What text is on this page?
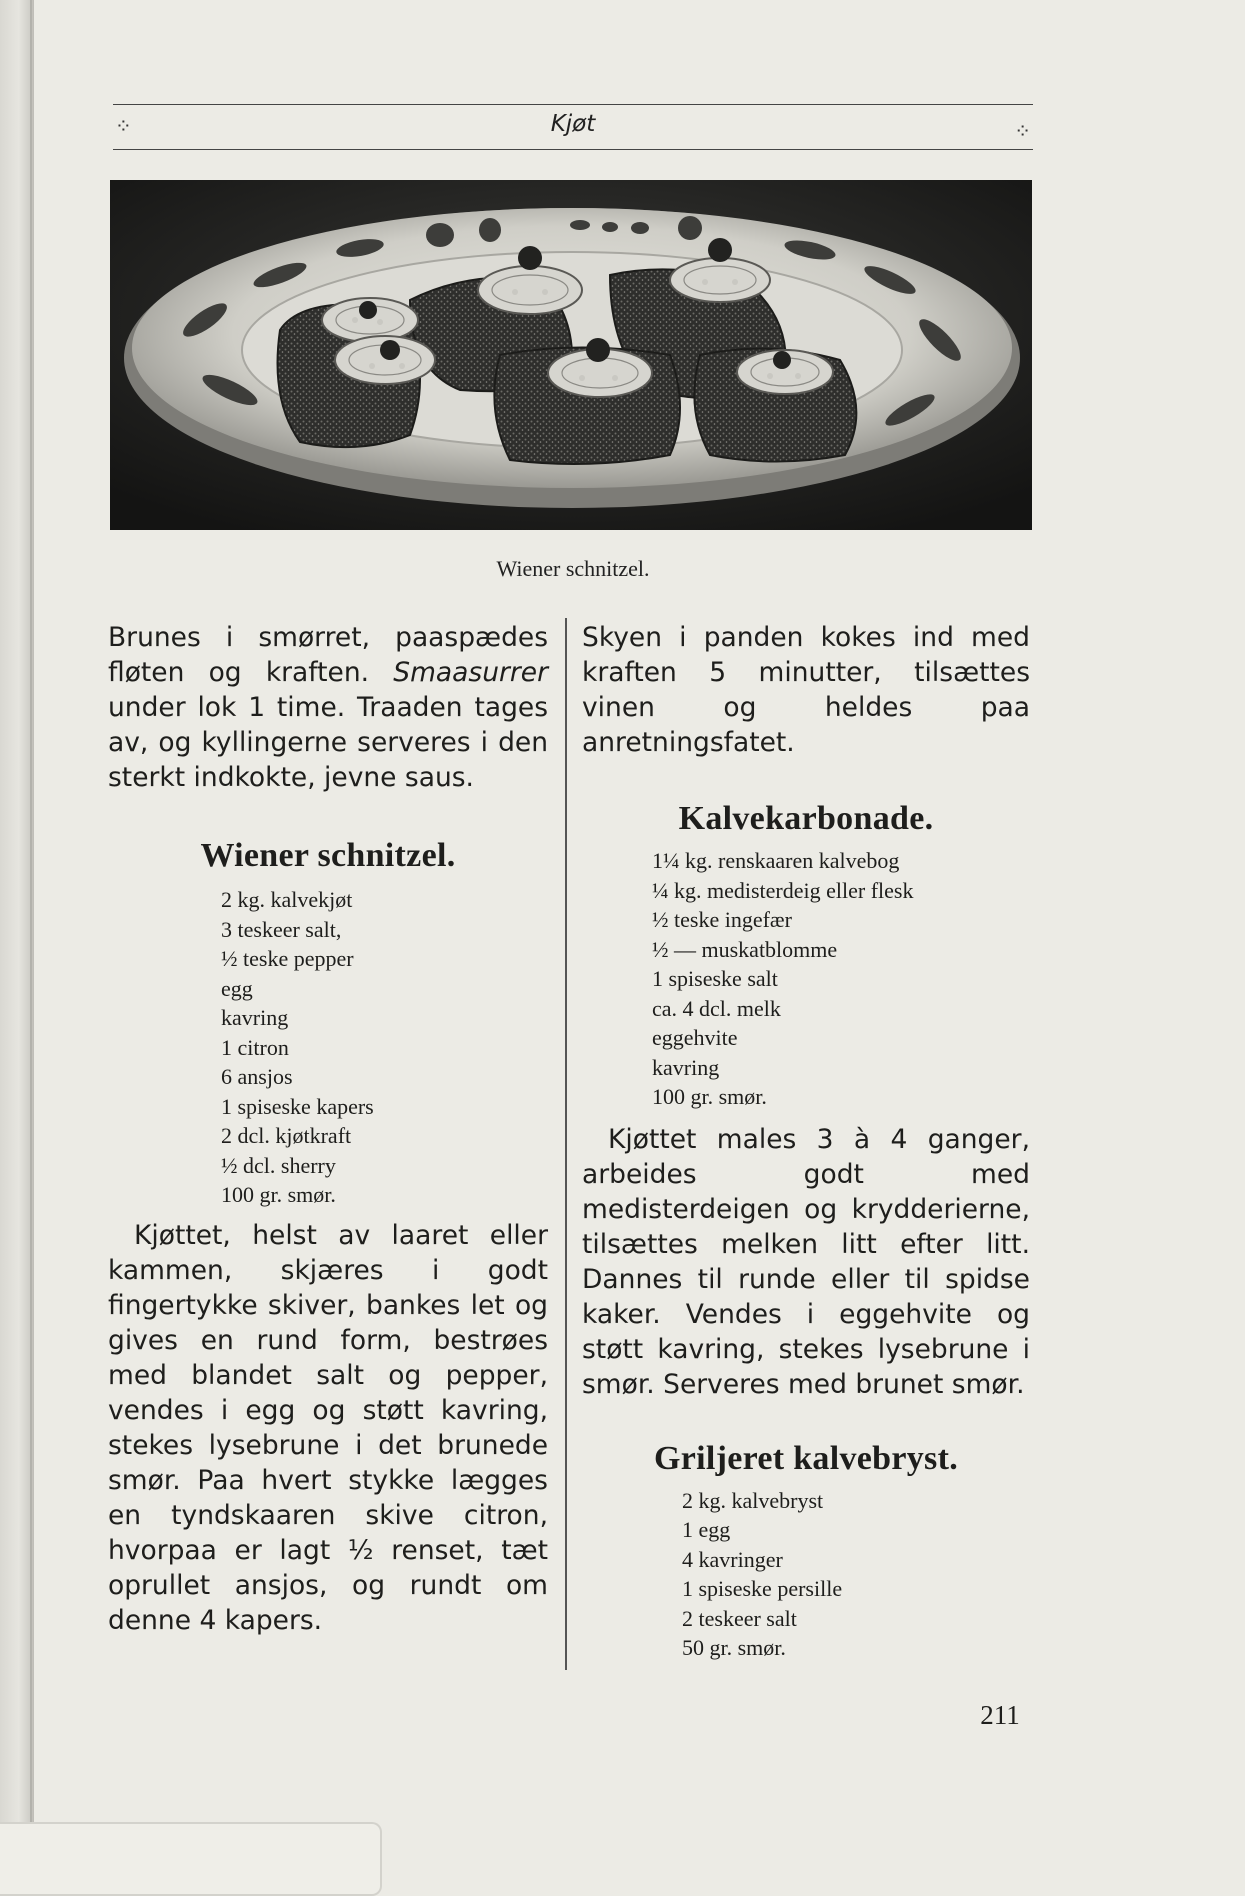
⁘	Kjøt	⁘
Wiener schnitzel.

Brunes i smørret, paaspædes fløten og kraften. Smaasurrer under lok 1 time. Traaden tages av, og kyllingerne serveres i den sterkt indkokte, jevne saus.

Wiener schnitzel.
2 kg. kalvekjøt
3 teskeer salt,
½ teske pepper
egg
kavring
1 citron
6 ansjos
1 spiseske kapers
2 dcl. kjøtkraft
½ dcl. sherry
100 gr. smør.

Kjøttet, helst av laaret eller kammen, skjæres i godt fingertykke skiver, bankes let og gives en rund form, bestrøes med blandet salt og pepper, vendes i egg og støtt kavring, stekes lysebrune i det brunede smør. Paa hvert stykke lægges en tyndskaaren skive citron, hvorpaa er lagt ½ renset, tæt oprullet ansjos, og rundt om denne 4 kapers.

Skyen i panden kokes ind med kraften 5 minutter, tilsættes vinen og heldes paa anretningsfatet.

Kalvekarbonade.
1¼ kg. renskaaren kalvebog
¼ kg. medisterdeig eller flesk
½ teske ingefær
½ — muskatblomme
1 spiseske salt
ca. 4 dcl. melk
eggehvite
kavring
100 gr. smør.

Kjøttet males 3 à 4 ganger, arbeides godt med medisterdeigen og krydderierne, tilsættes melken litt efter litt. Dannes til runde eller til spidse kaker. Vendes i eggehvite og støtt kavring, stekes lysebrune i smør. Serveres med brunet smør.

Griljeret kalvebryst.
2 kg. kalvebryst
1 egg
4 kavringer
1 spiseske persille
2 teskeer salt
50 gr. smør.
211
